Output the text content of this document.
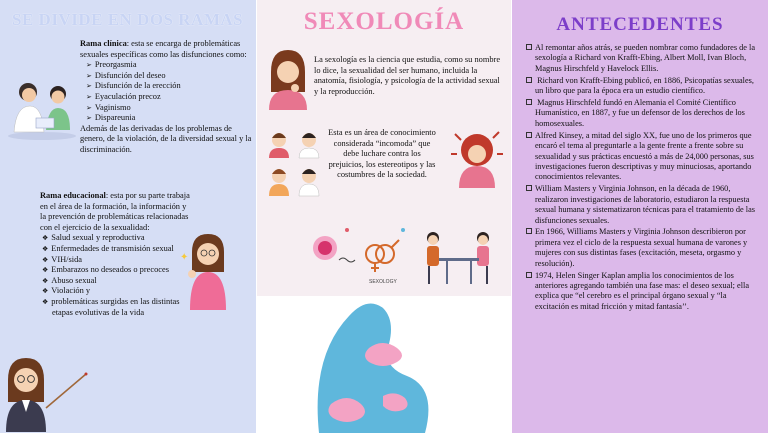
SE DIVIDE EN DOS RAMAS

Rama clínica: esta se encarga de problemáticas sexuales específicas como las disfunciones como:

➢ Preorgasmia
➢ Disfunción del deseo
➢ Disfunción de la erección
➢ Eyaculación precoz
➢ Vaginismo
➢ Dispareunia

Además de las derivadas de los problemas de genero, de la violación, de la diversidad sexual y la discriminación.

Rama educacional: esta por su parte trabaja en el área de la formación, la información y la prevención de problemáticas relacionadas con el ejercicio de la sexualidad:

❖ Salud sexual y reproductiva
❖ Enfermedades de transmisión sexual
❖ VIH/sida
❖ Embarazos no deseados o precoces
❖ Abuso sexual
❖ Violación y
❖ problemáticas surgidas en las distintas etapas evolutivas de la vida
✦
SEXOLOGÍA
La sexología es la ciencia que estudia, como su nombre lo dice, la sexualidad del ser humano, incluida la anatomía, fisiología, y psicología de la actividad sexual y la reproducción.
Esta es un área de conocimiento considerada “incomoda” que debe luchare contra los prejuicios, los estereotipos y las costumbres de la sociedad.
SEXOLOGY
ANTECEDENTES
Al remontar años atrás, se pueden nombrar como fundadores de la sexología a Richard von Krafft-Ebing, Albert Moll, Ivan Bloch, Magnus Hirschfeld y Havelock Ellis.
Richard von Krafft-Ebing publicó, en 1886, Psicopatías sexuales, un libro que para la época era un estudio científico.
Magnus Hirschfeld fundó en Alemania el Comité Científico Humanístico, en 1887, y fue un defensor de los derechos de los homosexuales.
Alfred Kinsey, a mitad del siglo XX, fue uno de los primeros que encaró el tema al preguntarle a la gente frente a frente sobre su sexualidad y sus prácticas encuestó a más de 24,000 personas, sus investigaciones fueron descriptivas y muy minuciosas, aportando conocimientos relevantes.
William Masters y Virginia Johnson, en la década de 1960, realizaron investigaciones de laboratorio, estudiaron la respuesta sexual humana y sistematizaron técnicas para el tratamiento de las disfunciones sexuales.
En 1966, Williams Masters y Virginia Johnson describieron por primera vez el ciclo de la respuesta sexual humana de varones y mujeres con sus distintas fases (excitación, meseta, orgasmo y resolución).
1974, Helen Singer Kaplan amplia los conocimientos de los anteriores agregando también una fase mas: el deseo sexual; ella explica que “el cerebro es el principal órgano sexual y “la excitación es mitad fricción y mitad fantasía’’.
